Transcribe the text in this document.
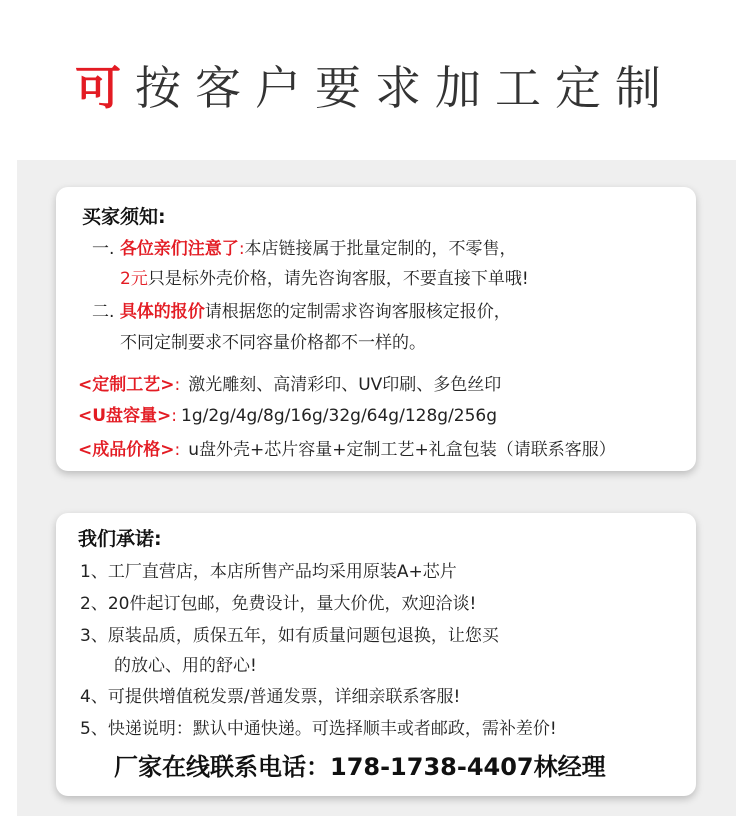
可按客户要求加工定制
买家须知:
一. 各位亲们注意了:本店链接属于批量定制的，不零售，
2元只是标外壳价格，请先咨询客服，不要直接下单哦!
二. 具体的报价请根据您的定制需求咨询客服核定报价，
不同定制要求不同容量价格都不一样的。
<定制工艺>: 激光雕刻、高清彩印、UV印刷、多色丝印
<U盘容量>: 1g/2g/4g/8g/16g/32g/64g/128g/256g
<成品价格>: u盘外壳+芯片容量+定制工艺+礼盒包装（请联系客服）
我们承诺:
1、工厂直营店，本店所售产品均采用原装A+芯片
2、20件起订包邮，免费设计，量大价优，欢迎洽谈!
3、原装品质，质保五年，如有质量问题包退换，让您买
的放心、用的舒心!
4、可提供增值税发票/普通发票，详细亲联系客服!
5、快递说明：默认中通快递。可选择顺丰或者邮政，需补差价!
厂家在线联系电话：178-1738-4407林经理
